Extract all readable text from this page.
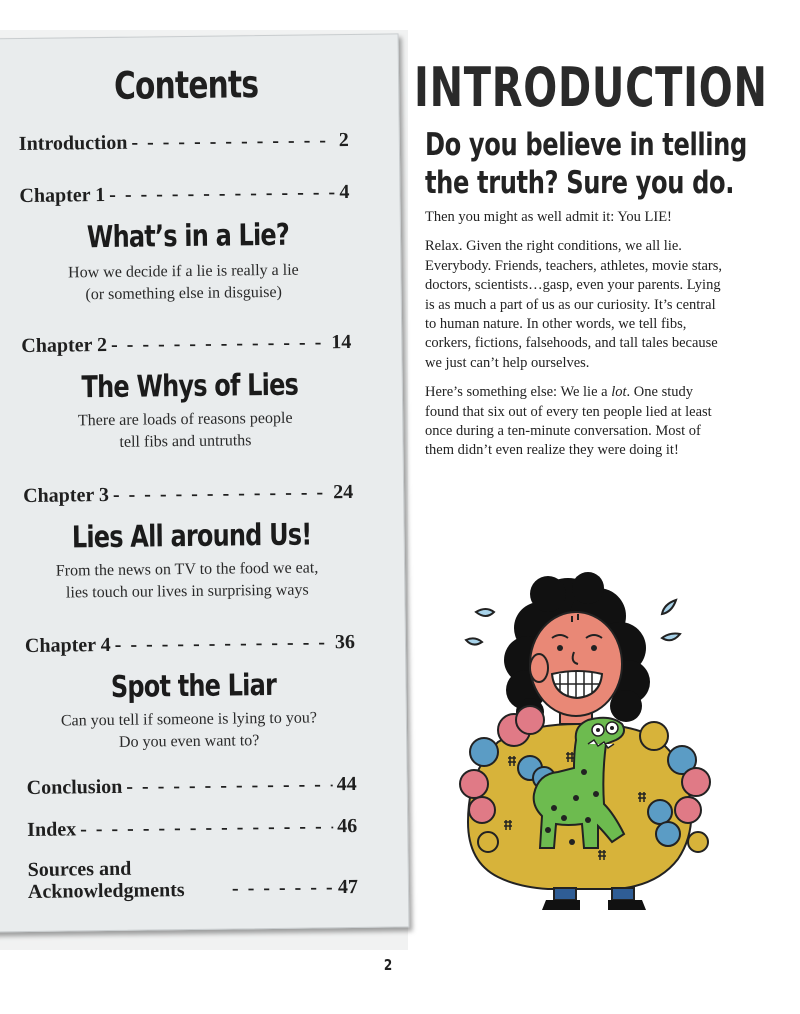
Contents
Introduction - - -	2
Chapter 1 - - -	4
What’s in a Lie?
How we decide if a lie is really a lie
(or something else in disguise)
Chapter 2 - - -	14
The Whys of Lies
There are loads of reasons people
tell fibs and untruths
Chapter 3 - - -	24
Lies All around Us!
From the news on TV to the food we eat,
lies touch our lives in surprising ways
Chapter 4 - - -	36
Spot the Liar
Can you tell if someone is lying to you?
Do you even want to?
Conclusion - - -	44
Index - - -	46
Sources and Acknowledgments - - -	47
INTRODUCTION
Do you believe in telling the truth? Sure you do.

Then you might as well admit it: You LIE!

Relax. Given the right conditions, we all lie. Everybody. Friends, teachers, athletes, movie stars, doctors, scientists…gasp, even your parents. Lying is as much a part of us as our curiosity. It’s central to human nature. In other words, we tell fibs, corkers, fictions, falsehoods, and tall tales because we just can’t help ourselves.

Here’s something else: We lie a lot. One study found that six out of every ten people lied at least once during a ten-minute conversation. Most of them didn’t even realize they were doing it!

2
